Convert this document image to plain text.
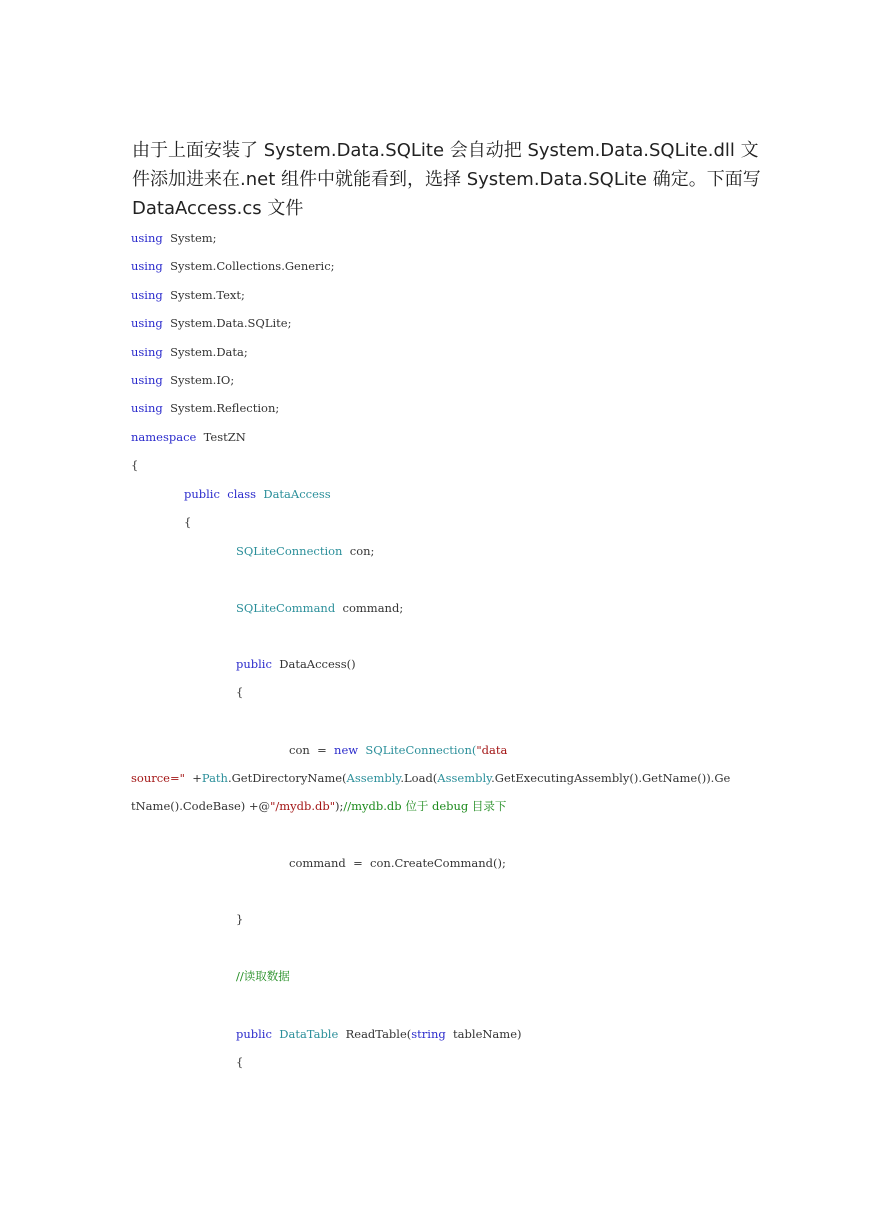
由于上面安装了 System.Data.SQLite 会自动把 System.Data.SQLite.dll 文
件添加进来在.net 组件中就能看到，选择 System.Data.SQLite 确定。下面写
DataAccess.cs 文件
using System;
using System.Collections.Generic;
using System.Text;
using System.Data.SQLite;
using System.Data;
using System.IO;
using System.Reflection;
namespace TestZN
{
public class DataAccess
{
SQLiteConnection con;
SQLiteCommand command;
public DataAccess()
{
con  =  new SQLiteConnection("data
source="  +Path.GetDirectoryName(Assembly.Load(Assembly.GetExecutingAssembly().GetName()).Ge
tName().CodeBase) +@"/mydb.db");//mydb.db 位于 debug 目录下
command  =  con.CreateCommand();
}
//读取数据
public DataTable ReadTable(string tableName)
{
